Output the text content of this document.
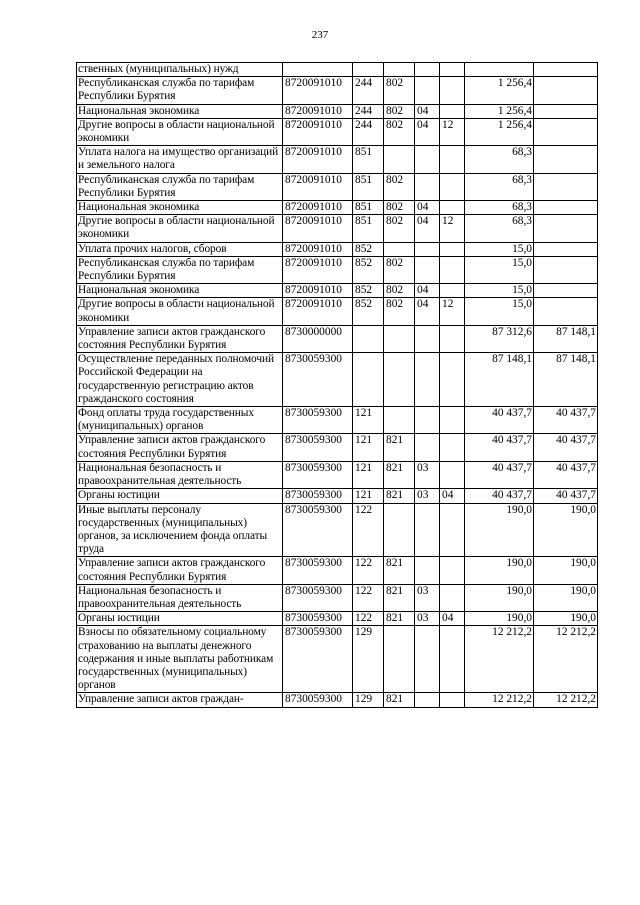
237
ственных (муниципальных) нужд							
Республиканская служба по тарифам Республики Бурятия	8720091010	244	802			1 256,4	
Национальная экономика	8720091010	244	802	04		1 256,4	
Другие вопросы в области национальной экономики	8720091010	244	802	04	12	1 256,4	
Уплата налога на имущество организаций и земельного налога	8720091010	851				68,3	
Республиканская служба по тарифам Республики Бурятия	8720091010	851	802			68,3	
Национальная экономика	8720091010	851	802	04		68,3	
Другие вопросы в области национальной экономики	8720091010	851	802	04	12	68,3	
Уплата прочих налогов, сборов	8720091010	852				15,0	
Республиканская служба по тарифам Республики Бурятия	8720091010	852	802			15,0	
Национальная экономика	8720091010	852	802	04		15,0	
Другие вопросы в области национальной экономики	8720091010	852	802	04	12	15,0	
Управление записи актов гражданского состояния Республики Бурятия	8730000000					87 312,6	87 148,1
Осуществление переданных полномочий Российской Федерации на государственную регистрацию актов гражданского состояния	8730059300					87 148,1	87 148,1
Фонд оплаты труда государственных (муниципальных) органов	8730059300	121				40 437,7	40 437,7
Управление записи актов гражданского состояния Республики Бурятия	8730059300	121	821			40 437,7	40 437,7
Национальная безопасность и правоохранительная деятельность	8730059300	121	821	03		40 437,7	40 437,7
Органы юстиции	8730059300	121	821	03	04	40 437,7	40 437,7
Иные выплаты персоналу государственных (муниципальных) органов, за исключением фонда оплаты труда	8730059300	122				190,0	190,0
Управление записи актов гражданского состояния Республики Бурятия	8730059300	122	821			190,0	190,0
Национальная безопасность и правоохранительная деятельность	8730059300	122	821	03		190,0	190,0
Органы юстиции	8730059300	122	821	03	04	190,0	190,0
Взносы по обязательному социальному страхованию на выплаты денежного содержания и иные выплаты работникам государственных (муниципальных) органов	8730059300	129				12 212,2	12 212,2
Управление записи актов граждан-	8730059300	129	821			12 212,2	12 212,2
